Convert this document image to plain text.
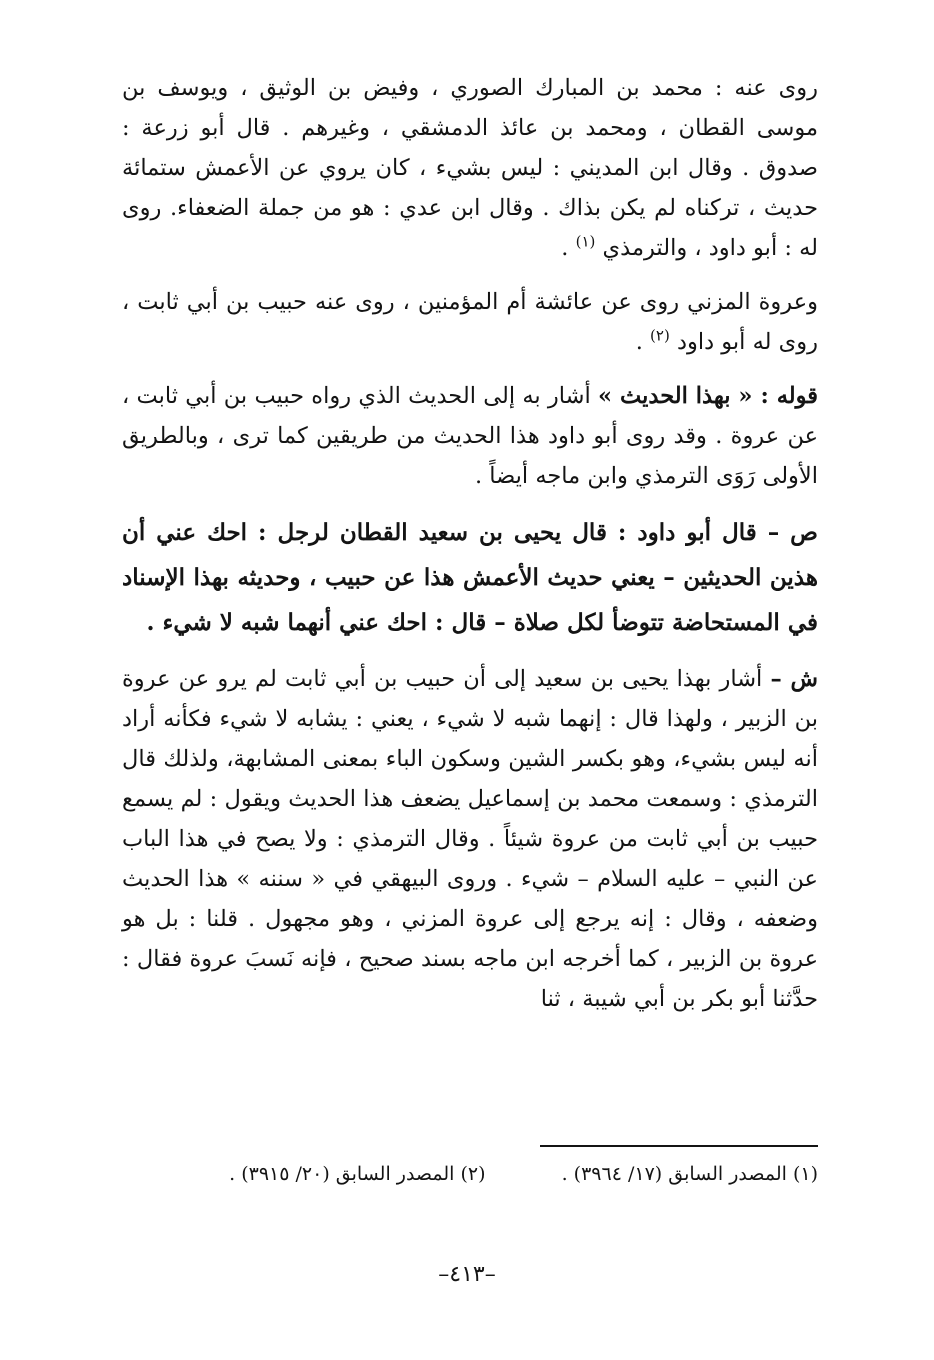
روى عنه : محمد بن المبارك الصوري ، وفيض بن الوثيق ، ويوسف بن موسى القطان ، ومحمد بن عائذ الدمشقي ، وغيرهم . قال أبو زرعة : صدوق . وقال ابن المديني : ليس بشيء ، كان يروي عن الأعمش ستمائة حديث ، تركناه لم يكن بذاك . وقال ابن عدي : هو من جملة الضعفاء. روى له : أبو داود ، والترمذي $^{(١)}$ .

وعروة المزني روى عن عائشة أم المؤمنين ، روى عنه حبيب بن أبي ثابت ، روى له أبو داود $^{(٢)}$ .

قوله : « بهذا الحديث » أشار به إلى الحديث الذي رواه حبيب بن أبي ثابت ، عن عروة . وقد روى أبو داود هذا الحديث من طريقين كما ترى ، وبالطريق الأولى رَوَى الترمذي وابن ماجه أيضاً .

ص – قال أبو داود : قال يحيى بن سعيد القطان لرجل : احك عني أن هذين الحديثين – يعني حديث الأعمش هذا عن حبيب ، وحديثه بهذا الإسناد في المستحاضة تتوضأ لكل صلاة – قال : احك عني أنهما شبه لا شيء .

ش – أشار بهذا يحيى بن سعيد إلى أن حبيب بن أبي ثابت لم يرو عن عروة بن الزبير ، ولهذا قال : إنهما شبه لا شيء ، يعني : يشابه لا شيء فكأنه أراد أنه ليس بشيء، وهو بكسر الشين وسكون الباء بمعنى المشابهة، ولذلك قال الترمذي : وسمعت محمد بن إسماعيل يضعف هذا الحديث ويقول : لم يسمع حبيب بن أبي ثابت من عروة شيئاً . وقال الترمذي : ولا يصح في هذا الباب عن النبي – عليه السلام – شيء . وروى البيهقي في « سننه » هذا الحديث وضعفه ، وقال : إنه يرجع إلى عروة المزني ، وهو مجهول . قلنا : بل هو عروة بن الزبير ، كما أخرجه ابن ماجه بسند صحيح ، فإنه نَسبَ عروة فقال : حدَّثنا أبو بكر بن أبي شيبة ، ثنا

(١) المصدر السابق (١٧/ ٣٩٦٤) . (٢) المصدر السابق (٢٠/ ٣٩١٥) .
–٤١٣–
